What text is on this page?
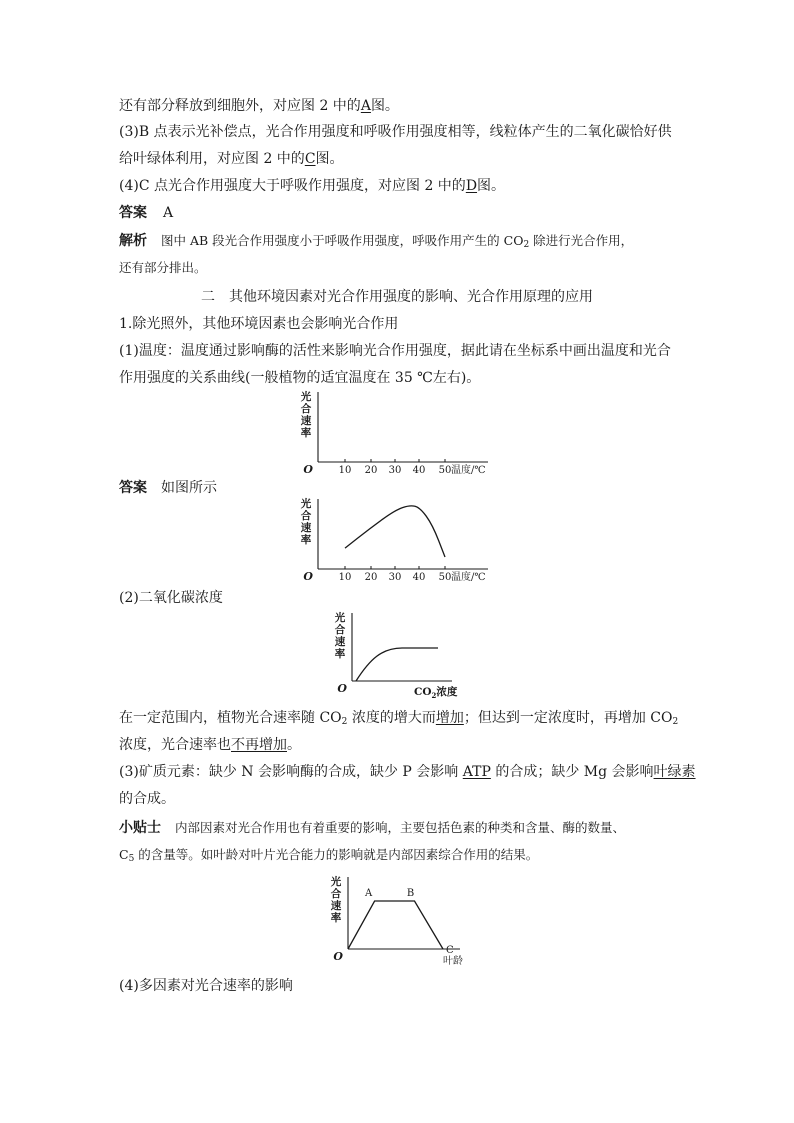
还有部分释放到细胞外，对应图 2 中的A图。
(3)B 点表示光补偿点，光合作用强度和呼吸作用强度相等，线粒体产生的二氧化碳恰好供
给叶绿体利用，对应图 2 中的C图。
(4)C 点光合作用强度大于呼吸作用强度，对应图 2 中的D图。
答案 A
解析 图中 AB 段光合作用强度小于呼吸作用强度，呼吸作用产生的 $CO_2$ 除进行光合作用，
还有部分排出。
二　其他环境因素对光合作用强度的影响、光合作用原理的应用
1.除光照外，其他环境因素也会影响光合作用
(1)温度：温度通过影响酶的活性来影响光合作用强度，据此请在坐标系中画出温度和光合
作用强度的关系曲线(一般植物的适宜温度在 35 ℃左右)。
光
合
速
率
O	10 20 30 40 50 温度/℃
光
合
速
率
O	10 20 30 40 50 温度/℃
光
合
速
率
O	$CO_2$浓度
光
合
速
率
O
A	B
C
叶龄
答案 如图所示
(2)二氧化碳浓度
在一定范围内，植物光合速率随 $CO_2$ 浓度的增大而增加；但达到一定浓度时，再增加 $CO_2$
浓度，光合速率也不再增加。
(3)矿质元素：缺少 N 会影响酶的合成，缺少 P 会影响 ATP 的合成；缺少 Mg 会影响叶绿素
的合成。
小贴士 内部因素对光合作用也有着重要的影响，主要包括色素的种类和含量、酶的数量、
$C_5$ 的含量等。如叶龄对叶片光合能力的影响就是内部因素综合作用的结果。
(4)多因素对光合速率的影响
